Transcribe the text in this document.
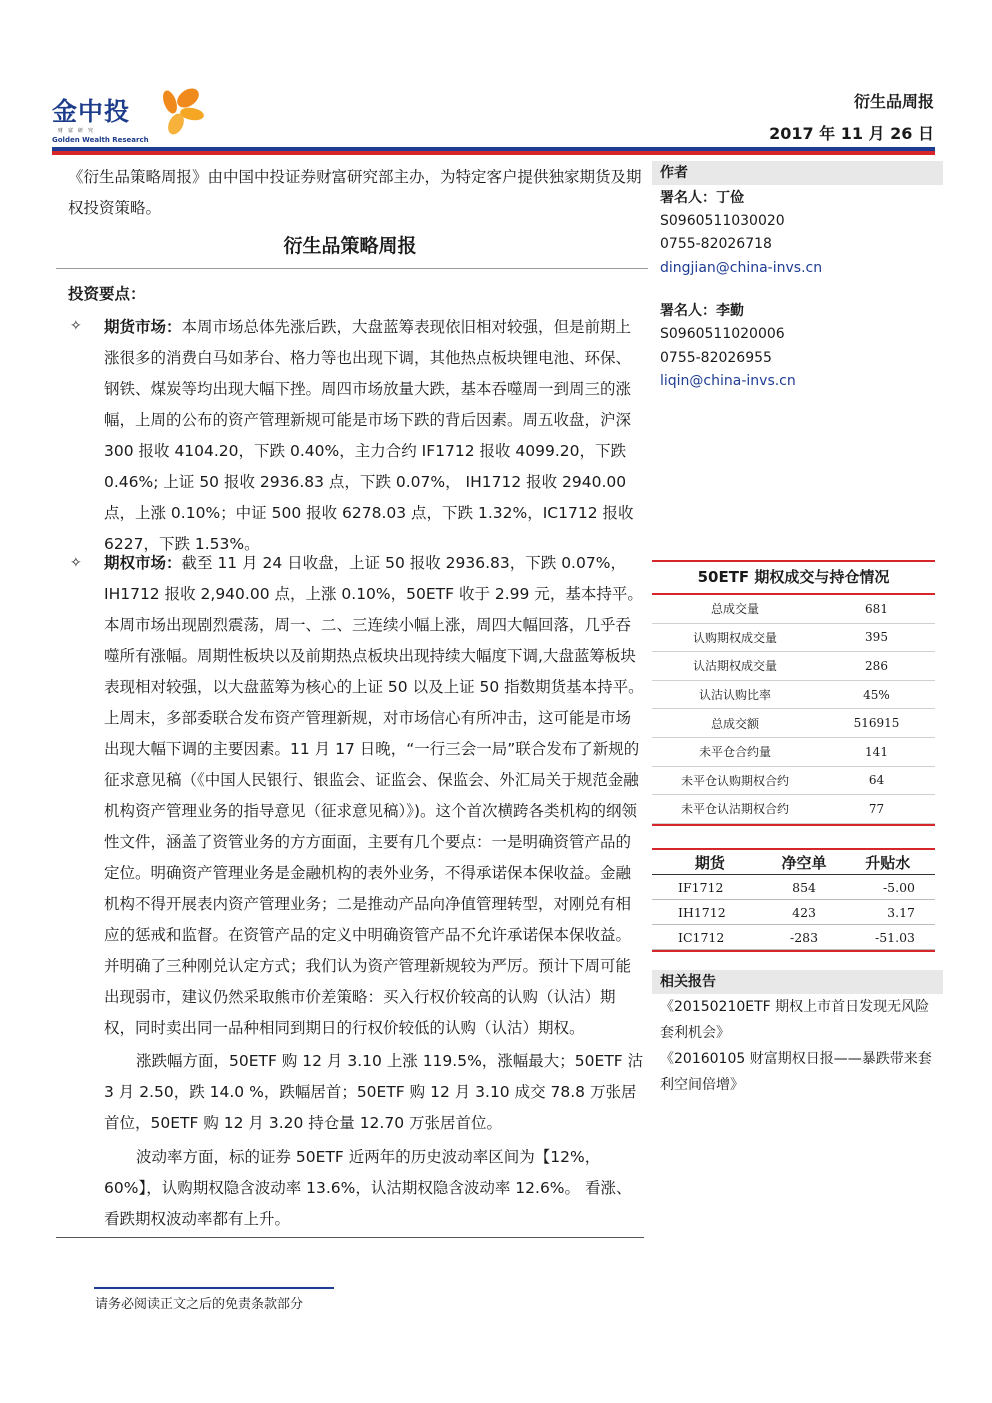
金中投
财富研究
Golden Wealth Research
衍生品周报
2017 年 11 月 26 日
《衍生品策略周报》由中国中投证券财富研究部主办，为特定客户提供独家期货及期权投资策略。
衍生品策略周报
投资要点：
✧ 期货市场：本周市场总体先涨后跌，大盘蓝筹表现依旧相对较强，但是前期上涨很多的消费白马如茅台、格力等也出现下调，其他热点板块锂电池、环保、钢铁、煤炭等均出现大幅下挫。周四市场放量大跌，基本吞噬周一到周三的涨幅，上周的公布的资产管理新规可能是市场下跌的背后因素。周五收盘，沪深 300 报收 4104.20，下跌 0.40%，主力合约 IF1712 报收 4099.20，下跌 0.46%; 上证 50 报收 2936.83 点，下跌 0.07%， IH1712 报收 2940.00 点，上涨 0.10%；中证 500 报收 6278.03 点，下跌 1.32%，IC1712 报收 6227，下跌 1.53%。
✧ 期权市场：截至 11 月 24 日收盘，上证 50 报收 2936.83，下跌 0.07%，IH1712 报收 2,940.00 点，上涨 0.10%，50ETF 收于 2.99 元，基本持平。本周市场出现剧烈震荡，周一、二、三连续小幅上涨，周四大幅回落，几乎吞噬所有涨幅。周期性板块以及前期热点板块出现持续大幅度下调,大盘蓝筹板块表现相对较强，以大盘蓝筹为核心的上证 50 以及上证 50 指数期货基本持平。上周末，多部委联合发布资产管理新规，对市场信心有所冲击，这可能是市场出现大幅下调的主要因素。11 月 17 日晚，“一行三会一局”联合发布了新规的征求意见稿（《中国人民银行、银监会、证监会、保监会、外汇局关于规范金融机构资产管理业务的指导意见（征求意见稿）》)。这个首次横跨各类机构的纲领性文件，涵盖了资管业务的方方面面，主要有几个要点：一是明确资管产品的定位。明确资产管理业务是金融机构的表外业务，不得承诺保本保收益。金融机构不得开展表内资产管理业务；二是推动产品向净值管理转型，对刚兑有相应的惩戒和监督。在资管产品的定义中明确资管产品不允许承诺保本保收益。并明确了三种刚兑认定方式；我们认为资产管理新规较为严厉。预计下周可能出现弱市，建议仍然采取熊市价差策略：买入行权价较高的认购（认沽）期权，同时卖出同一品种相同到期日的行权价较低的认购（认沽）期权。
涨跌幅方面，50ETF 购 12 月 3.10 上涨 119.5%，涨幅最大；50ETF 沽 3 月 2.50，跌 14.0 %，跌幅居首；50ETF 购 12 月 3.10 成交 78.8 万张居首位，50ETF 购 12 月 3.20 持仓量 12.70 万张居首位。
波动率方面，标的证券 50ETF 近两年的历史波动率区间为【12%，60%】，认购期权隐含波动率 13.6%，认沽期权隐含波动率 12.6%。 看涨、看跌期权波动率都有上升。
请务必阅读正文之后的免责条款部分
作者
署名人：丁俭
S0960511030020
0755-82026718
dingjian@china-invs.cn
署名人：李勤
S0960511020006
0755-82026955
liqin@china-invs.cn
50ETF 期权成交与持仓情况
总成交量	681
认购期权成交量	395
认沽期权成交量	286
认沽认购比率	45%
总成交额	516915
未平仓合约量	141
未平仓认购期权合约	64
未平仓认沽期权合约	77
期货	净空单	升贴水
IF1712	854	-5.00
IH1712	423	3.17
IC1712	-283	-51.03
相关报告
《20150210ETF 期权上市首日发现无风险套利机会》
《20160105 财富期权日报——暴跌带来套利空间倍增》
